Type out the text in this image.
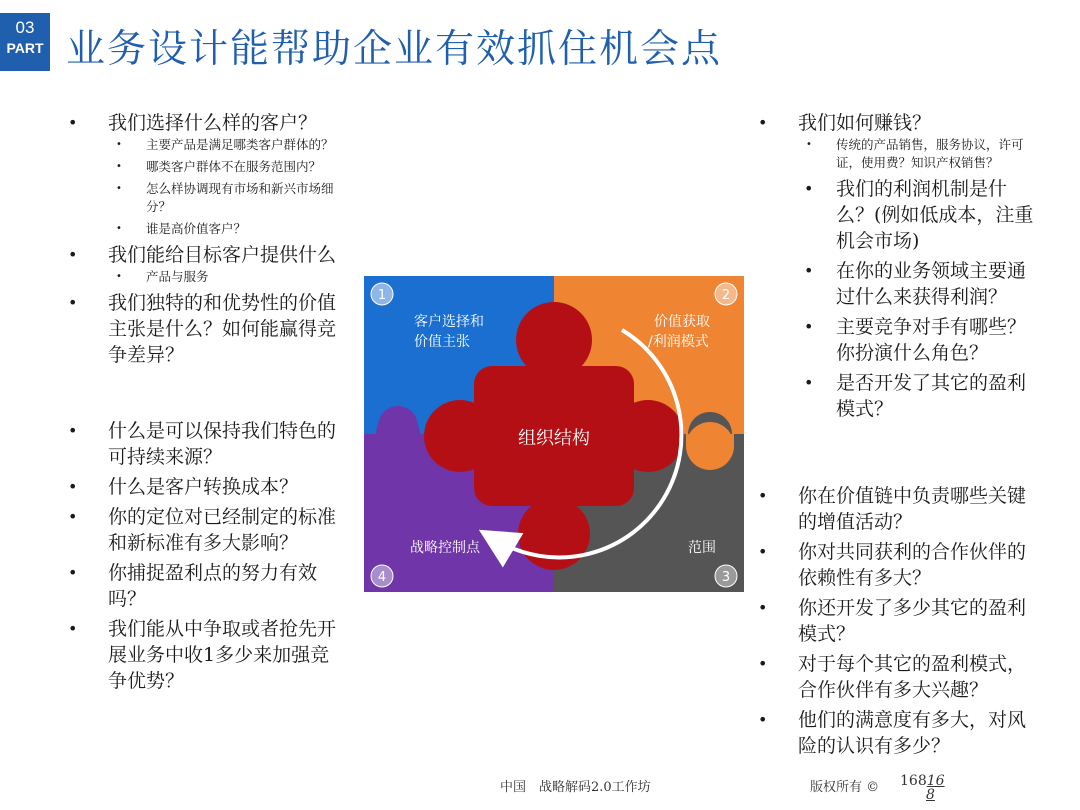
03
PART 业务设计能帮助企业有效抓住机会点
• 我们选择什么样的客户？
• 主要产品是满足哪类客户群体的？
• 哪类客户群体不在服务范围内？
• 怎么样协调现有市场和新兴市场细分？
• 谁是高价值客户？
• 我们能给目标客户提供什么
• 产品与服务
• 我们独特的和优势性的价值主张是什么？如何能赢得竞争差异？
• 什么是可以保持我们特色的可持续来源？
• 什么是客户转换成本？
• 你的定位对已经制定的标准和新标准有多大影响？
• 你捕捉盈利点的努力有效吗？
• 我们能从中争取或者抢先开展业务中收1多少来加强竞争优势？
• 我们如何赚钱？
• 传统的产品销售，服务协议，许可证，使用费？知识产权销售？
• 我们的利润机制是什么？(例如低成本，注重机会市场)
• 在你的业务领域主要通过什么来获得利润？
• 主要竞争对手有哪些？你扮演什么角色？
• 是否开发了其它的盈利模式？
• 你在价值链中负责哪些关键的增值活动？
• 你对共同获利的合作伙伴的依赖性有多大？
• 你还开发了多少其它的盈利模式？
• 对于每个其它的盈利模式，合作伙伴有多大兴趣？
• 他们的满意度有多大，对风险的认识有多少？
1	2
3
4
客户选择和
价值主张
价值获取
/利润模式
范围
战略控制点
组织结构
中国　战略解码2.0工作坊	版权所有 © 16816
8
